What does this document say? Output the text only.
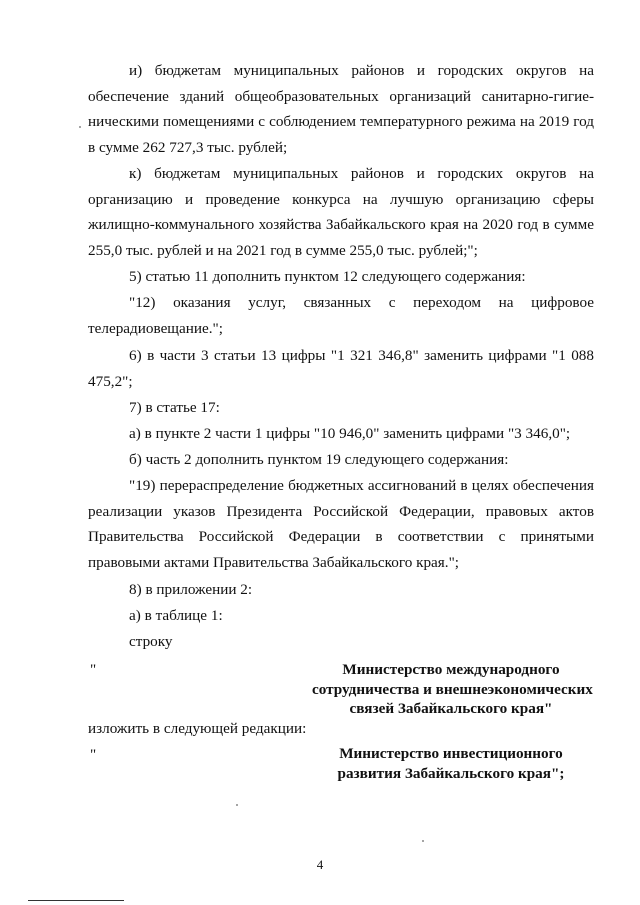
и) бюджетам муниципальных районов и городских округов на обеспечение зданий общеобразовательных организаций санитарно-гигие- ническими помещениями с соблюдением температурного режима на 2019 год в сумме 262 727,3 тыс. рублей;

к) бюджетам муниципальных районов и городских округов на организацию и проведение конкурса на лучшую организацию сферы жилищно-коммунального хозяйства Забайкальского края на 2020 год в сумме 255,0 тыс. рублей и на 2021 год в сумме 255,0 тыс. рублей;";

5) статью 11 дополнить пунктом 12 следующего содержания:

"12) оказания услуг, связанных с переходом на цифровое телерадиовещание.";

6) в части 3 статьи 13 цифры "1 321 346,8" заменить цифрами "1 088 475,2";

7) в статье 17:

а) в пункте 2 части 1 цифры "10 946,0" заменить цифрами "3 346,0";

б) часть 2 дополнить пунктом 19 следующего содержания:

"19) перераспределение бюджетных ассигнований в целях обеспечения реализации указов Президента Российской Федерации, правовых актов Правительства Российской Федерации в соответствии с принятыми правовыми актами Правительства Забайкальского края.";

8) в приложении 2:

а) в таблице 1:

строку

"	Министерство международного
сотрудничества и внешнеэкономических
связей Забайкальского края"

изложить в следующей редакции:

"	Министерство инвестиционного
развития Забайкальского края";
4
